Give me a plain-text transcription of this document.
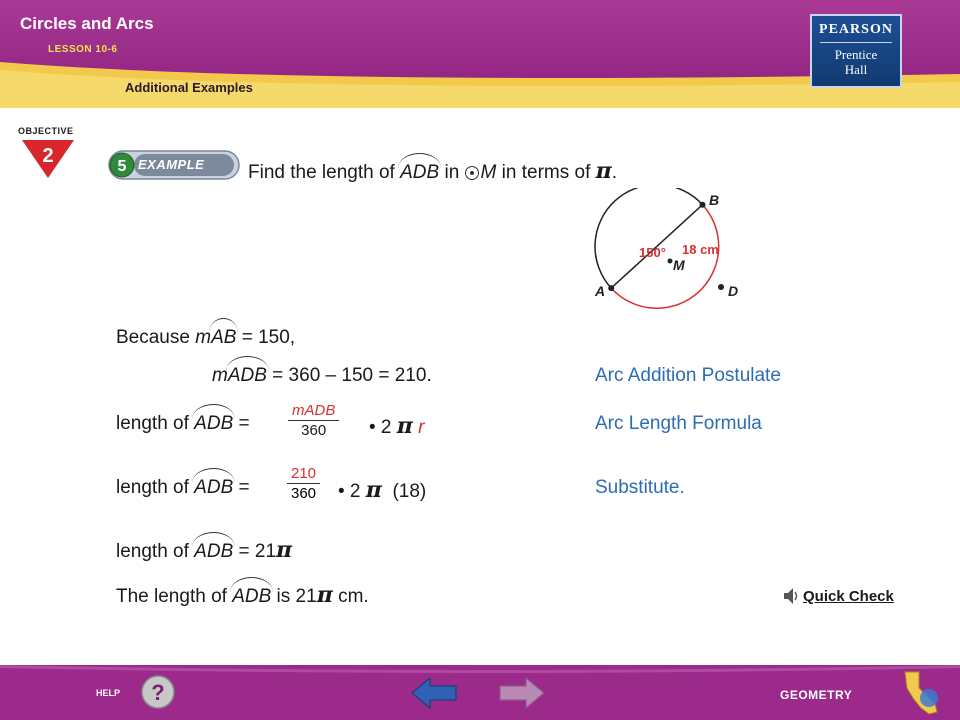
Circles and Arcs
LESSON 10-6
Additional Examples
PEARSON
Prentice
Hall
OBJECTIVE
2	5 EXAMPLE Find the length of ADB in
M in terms of π.
B
A	D
M
150° 18 cm
Because mAB = 150,
mADB = 360 – 150 = 210.	Arc Addition Postulate
length of ADB =
mADB
360	• 2 π r	Arc Length Formula
length of ADB = $\frac{210}{360}$ • 2 π (18)	Substitute.
length of ADB = 21π
The length of ADB is 21π cm.	Quick Check
HELP ?	GEOMETRY
